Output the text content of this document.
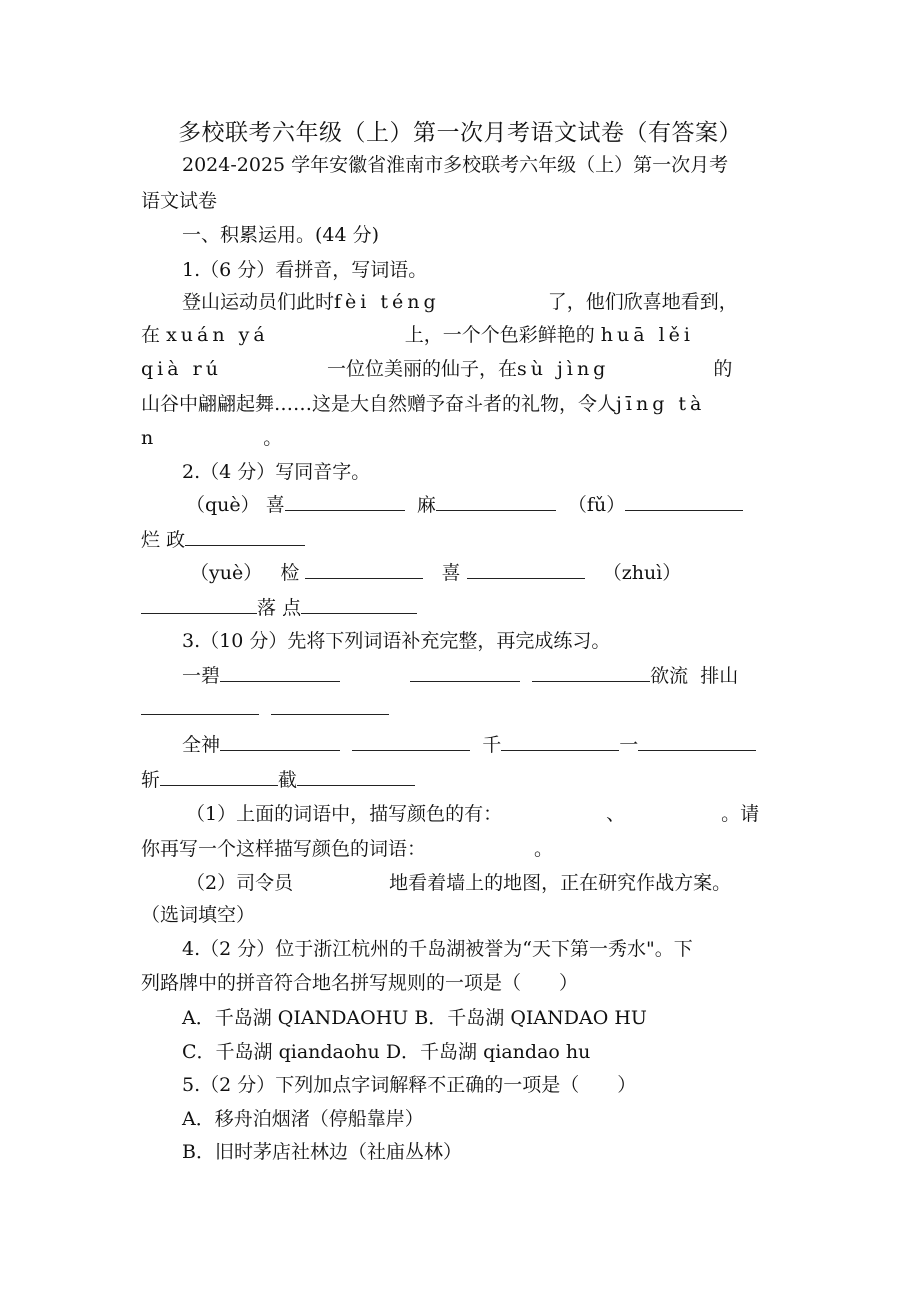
多校联考六年级（上）第一次月考语文试卷（有答案）
2024-2025 学年安徽省淮南市多校联考六年级（上）第一次月考
语文试卷
一、积累运用。(44 分)
1.（6 分）看拼音，写词语。
登山运动员们此时fèi téng	了，他们欣喜地看到，
在 xuán yá	上，一个个色彩鲜艳的 huā lěi
qià rú	一位位美丽的仙子，在sù jìng	的
山谷中翩翩起舞……这是大自然赠予奋斗者的礼物，令人jīng tà
n	。
2.（4 分）写同音字。
（què） 喜	麻	（fǔ）
烂 政
（yuè） 检	喜	（zhuì）
落 点
3.（10 分）先将下列词语补充完整，再完成练习。
一碧	欲流 排山

全神	千	一
斩	截
（1）上面的词语中，描写颜色的有：	、	。请
你再写一个这样描写颜色的词语：	。
（2）司令员	地看着墙上的地图，正在研究作战方案。
（选词填空）
4.（2 分）位于浙江杭州的千岛湖被誉为“天下第一秀水"。下
列路牌中的拼音符合地名拼写规则的一项是（　　）
A．千岛湖 QIANDAOHU B．千岛湖 QIANDAO HU
C．千岛湖 qiandaohu D．千岛湖 qiandao hu
5.（2 分）下列加点字词解释不正确的一项是（　　）
A．移舟泊烟渚（停船靠岸）
B．旧时茅店社林边（社庙丛林）
